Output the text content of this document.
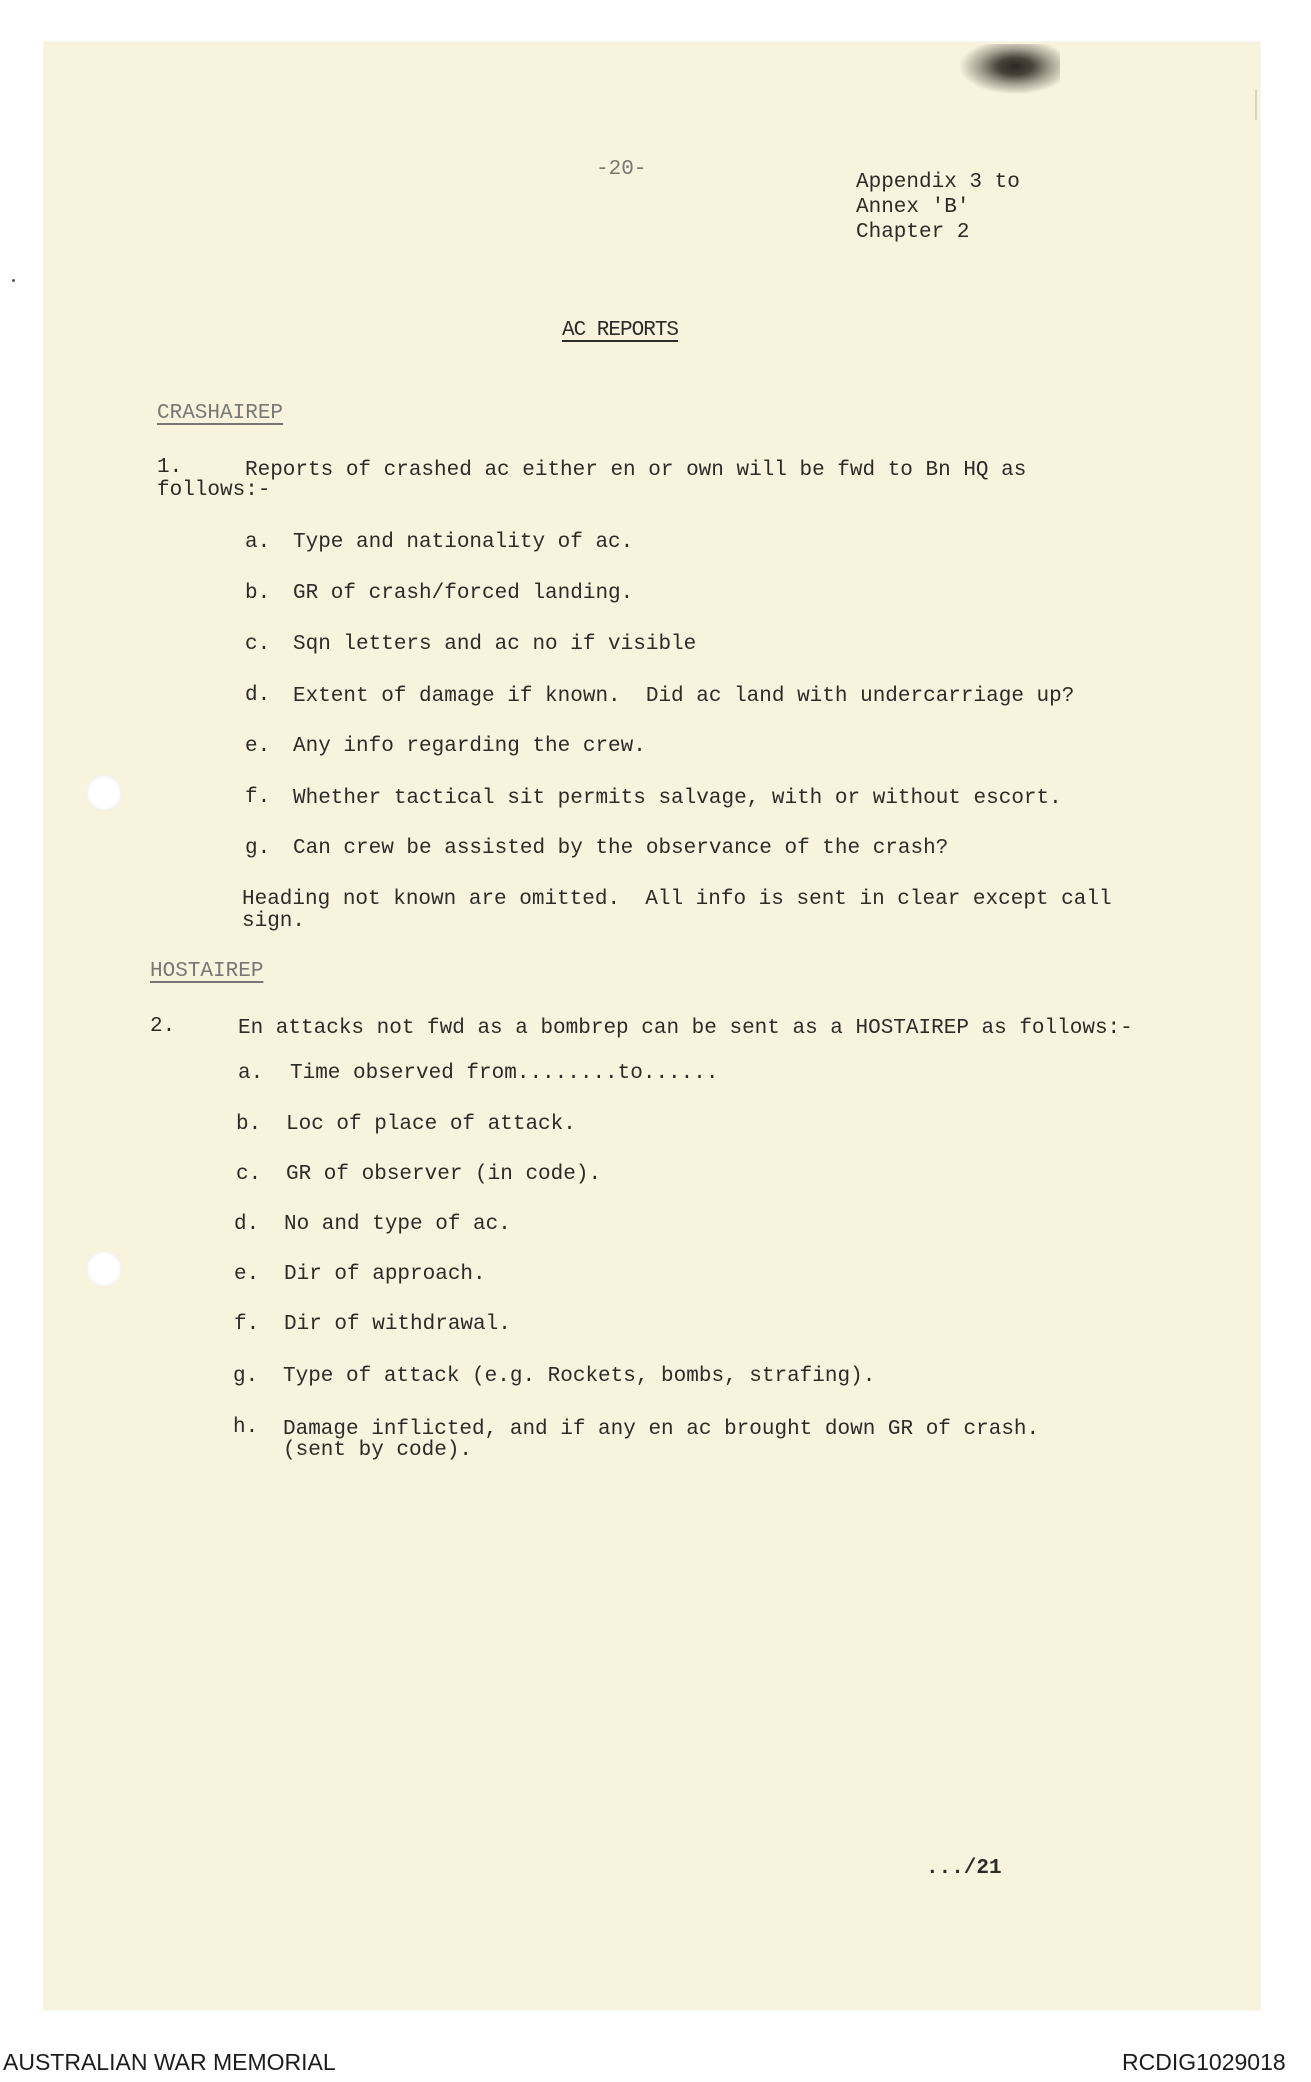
-20-

Appendix 3 to

Annex 'B'

Chapter 2

AC REPORTS

CRASHAIREP

1.	Reports of crashed ac either en or own will be fwd to Bn HQ as

follows:-

a. Type and nationality of ac.

b. GR of crash/forced landing.

c. Sqn letters and ac no if visible

d. Extent of damage if known.  Did ac land with undercarriage up?

e. Any info regarding the crew.

f. Whether tactical sit permits salvage, with or without escort.

g. Can crew be assisted by the observance of the crash?

Heading not known are omitted.  All info is sent in clear except call

sign.

HOSTAIREP

2.	En attacks not fwd as a bombrep can be sent as a HOSTAIREP as follows:-

a. Time observed from........to......

b. Loc of place of attack.

c. GR of observer (in code).

d. No and type of ac.

e. Dir of approach.

f. Dir of withdrawal.

g. Type of attack (e.g. Rockets, bombs, strafing).

h. Damage inflicted, and if any en ac brought down GR of crash.

(sent by code).

.../21

AUSTRALIAN WAR MEMORIAL	RCDIG1029018
